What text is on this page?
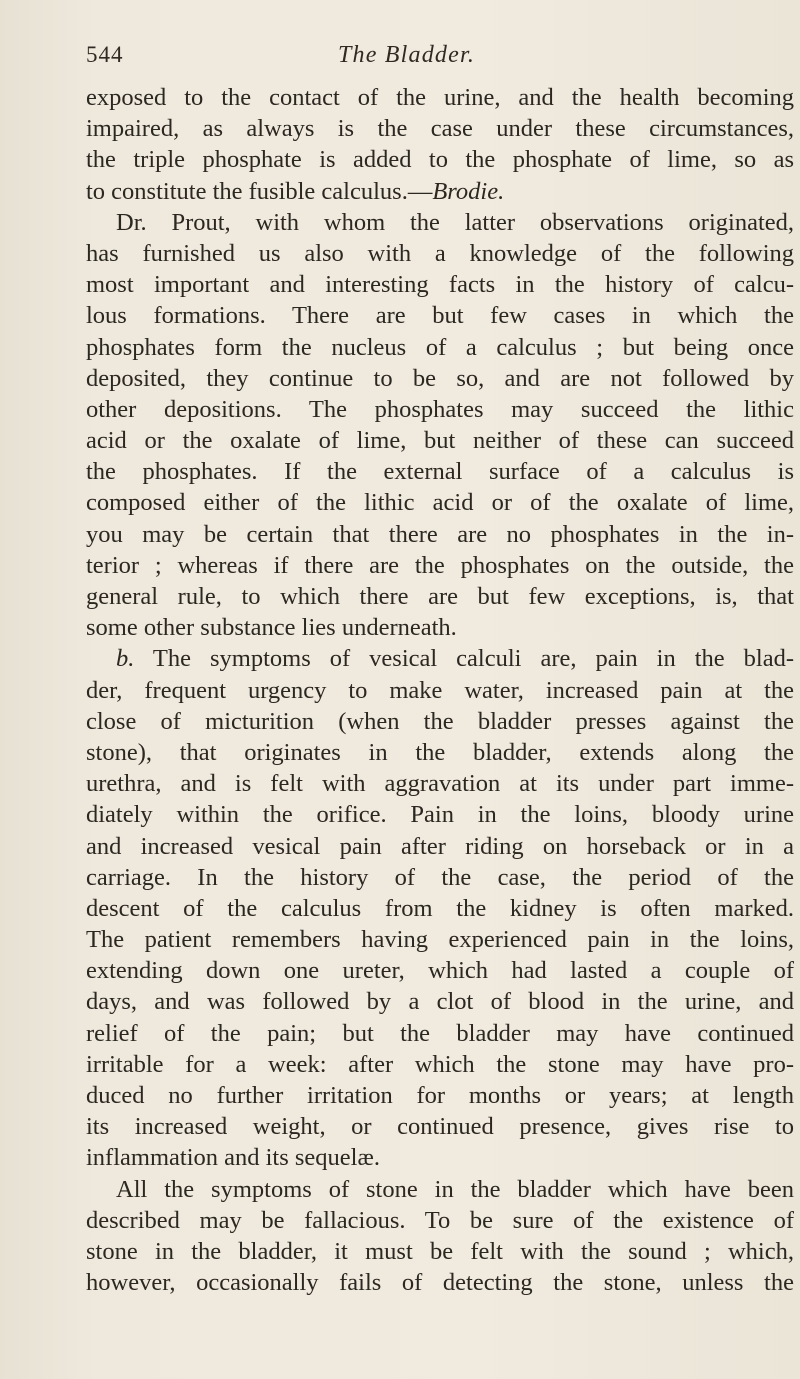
544	The Bladder.
exposed to the contact of the urine, and the health becoming
impaired, as always is the case under these circumstances,
the triple phosphate is added to the phosphate of lime, so as
to constitute the fusible calculus.—Brodie.
Dr. Prout, with whom the latter observations originated,
has furnished us also with a knowledge of the following
most important and interesting facts in the history of calcu-
lous formations. There are but few cases in which the
phosphates form the nucleus of a calculus ; but being once
deposited, they continue to be so, and are not followed by
other depositions. The phosphates may succeed the lithic
acid or the oxalate of lime, but neither of these can succeed
the phosphates. If the external surface of a calculus is
composed either of the lithic acid or of the oxalate of lime,
you may be certain that there are no phosphates in the in-
terior ; whereas if there are the phosphates on the outside, the
general rule, to which there are but few exceptions, is, that
some other substance lies underneath.
b. The symptoms of vesical calculi are, pain in the blad-
der, frequent urgency to make water, increased pain at the
close of micturition (when the bladder presses against the
stone), that originates in the bladder, extends along the
urethra, and is felt with aggravation at its under part imme-
diately within the orifice. Pain in the loins, bloody urine
and increased vesical pain after riding on horseback or in a
carriage. In the history of the case, the period of the
descent of the calculus from the kidney is often marked.
The patient remembers having experienced pain in the loins,
extending down one ureter, which had lasted a couple of
days, and was followed by a clot of blood in the urine, and
relief of the pain; but the bladder may have continued
irritable for a week: after which the stone may have pro-
duced no further irritation for months or years; at length
its increased weight, or continued presence, gives rise to
inflammation and its sequelæ.
All the symptoms of stone in the bladder which have been
described may be fallacious. To be sure of the existence of
stone in the bladder, it must be felt with the sound ; which,
however, occasionally fails of detecting the stone, unless the
